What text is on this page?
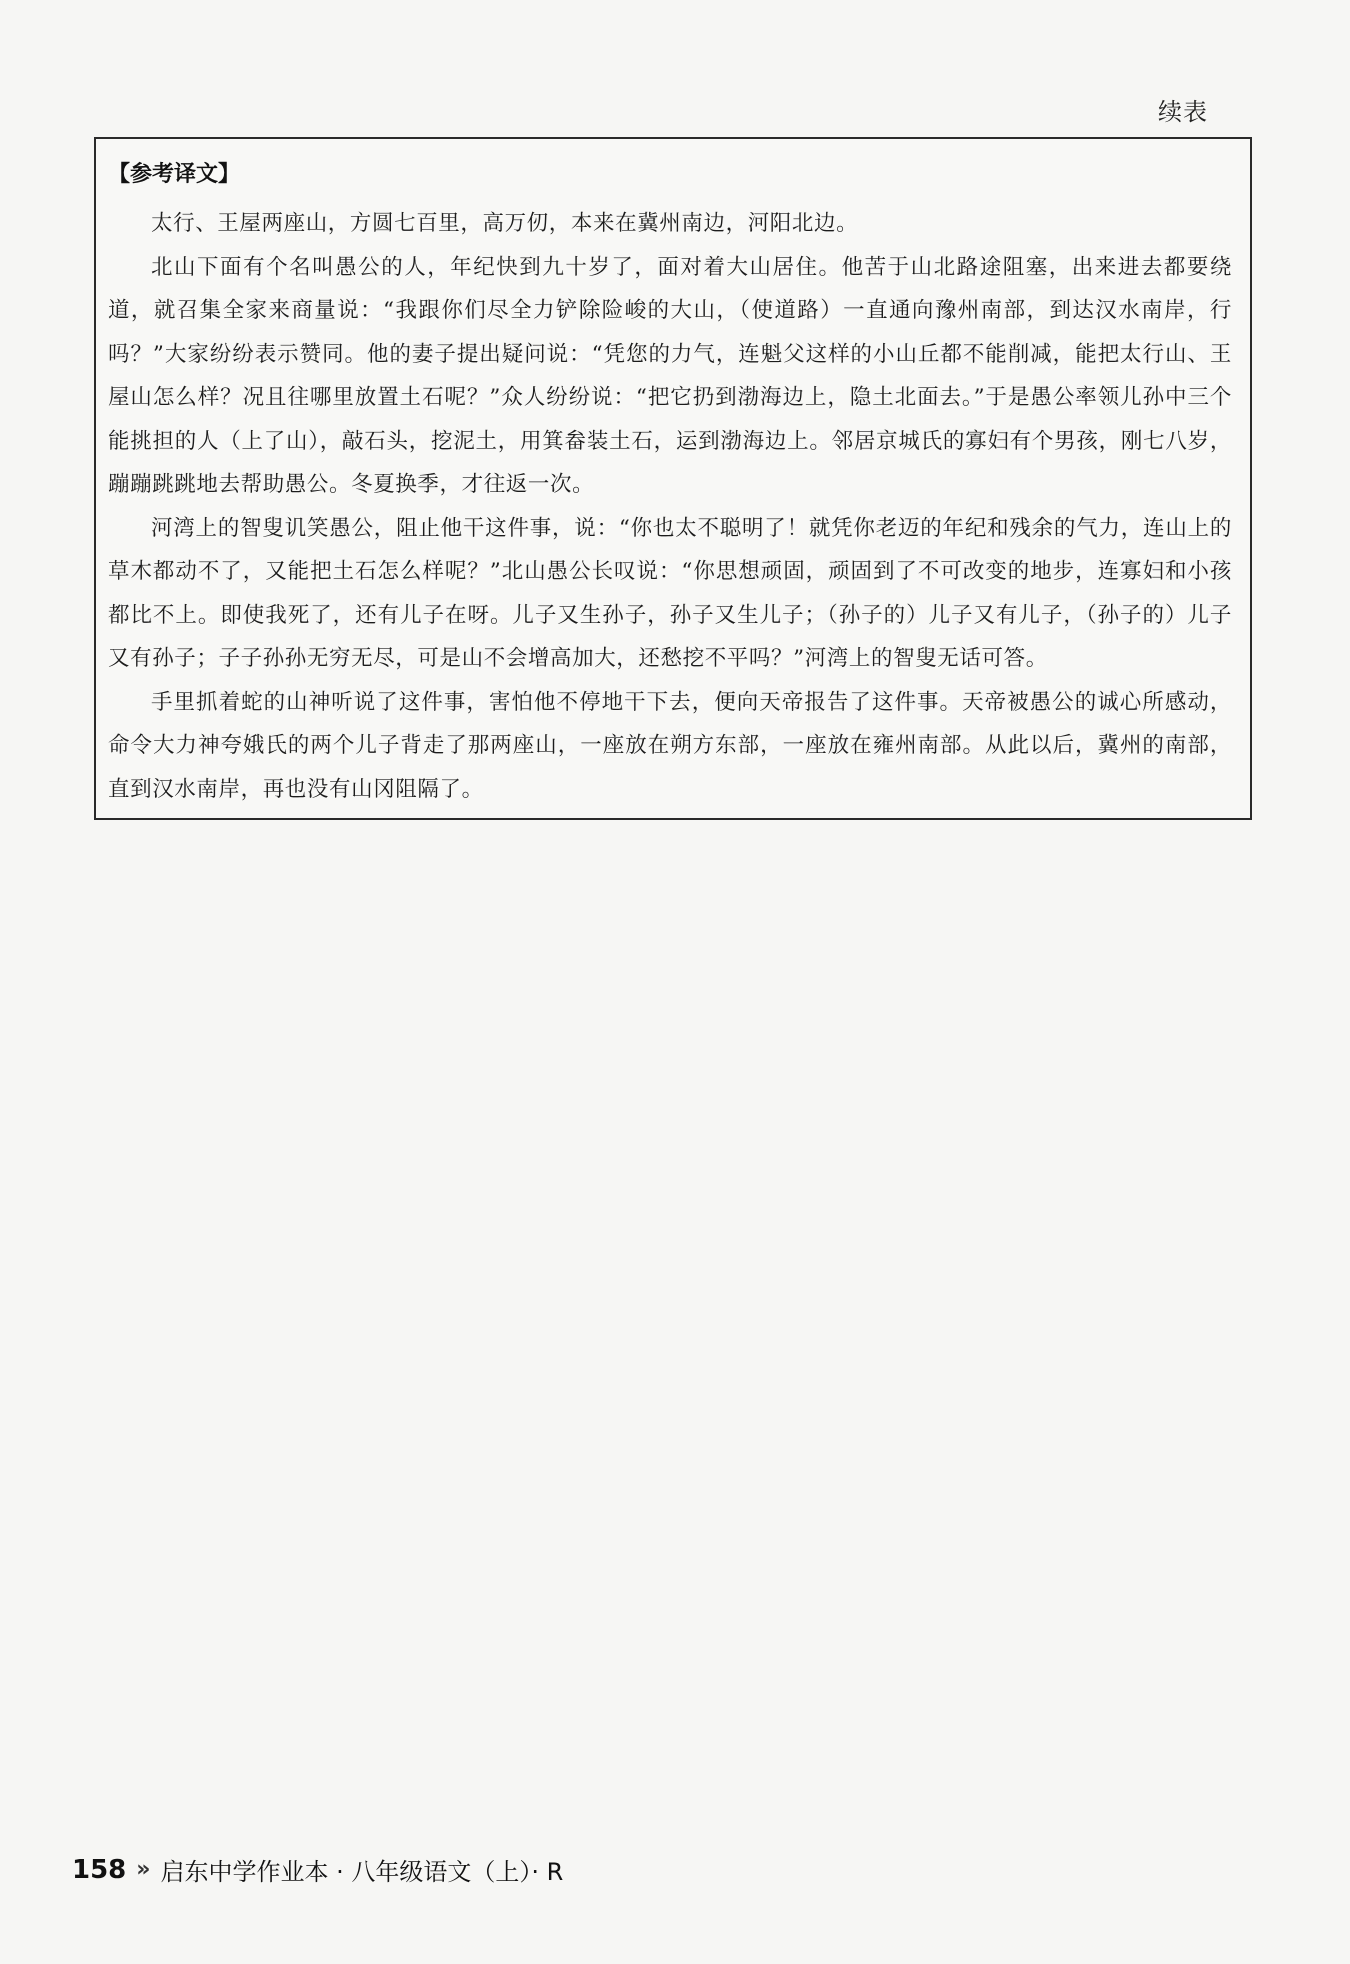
续表
【参考译文】

太行、王屋两座山，方圆七百里，高万仞，本来在冀州南边，河阳北边。

北山下面有个名叫愚公的人，年纪快到九十岁了，面对着大山居住。他苦于山北路途阻塞，出来进去都要绕道，就召集全家来商量说：“我跟你们尽全力铲除险峻的大山，（使道路）一直通向豫州南部，到达汉水南岸，行吗？”大家纷纷表示赞同。他的妻子提出疑问说：“凭您的力气，连魁父这样的小山丘都不能削减，能把太行山、王屋山怎么样？况且往哪里放置土石呢？”众人纷纷说：“把它扔到渤海边上，隐土北面去。”于是愚公率领儿孙中三个能挑担的人（上了山），敲石头，挖泥土，用箕畚装土石，运到渤海边上。邻居京城氏的寡妇有个男孩，刚七八岁，蹦蹦跳跳地去帮助愚公。冬夏换季，才往返一次。

河湾上的智叟讥笑愚公，阻止他干这件事，说：“你也太不聪明了！就凭你老迈的年纪和残余的气力，连山上的草木都动不了，又能把土石怎么样呢？”北山愚公长叹说：“你思想顽固，顽固到了不可改变的地步，连寡妇和小孩都比不上。即使我死了，还有儿子在呀。儿子又生孙子，孙子又生儿子；（孙子的）儿子又有儿子，（孙子的）儿子又有孙子；子子孙孙无穷无尽，可是山不会增高加大，还愁挖不平吗？”河湾上的智叟无话可答。

手里抓着蛇的山神听说了这件事，害怕他不停地干下去，便向天帝报告了这件事。天帝被愚公的诚心所感动，命令大力神夸娥氏的两个儿子背走了那两座山，一座放在朔方东部，一座放在雍州南部。从此以后，冀州的南部，直到汉水南岸，再也没有山冈阻隔了。

158 » 启东中学作业本 · 八年级语文（上）· R
